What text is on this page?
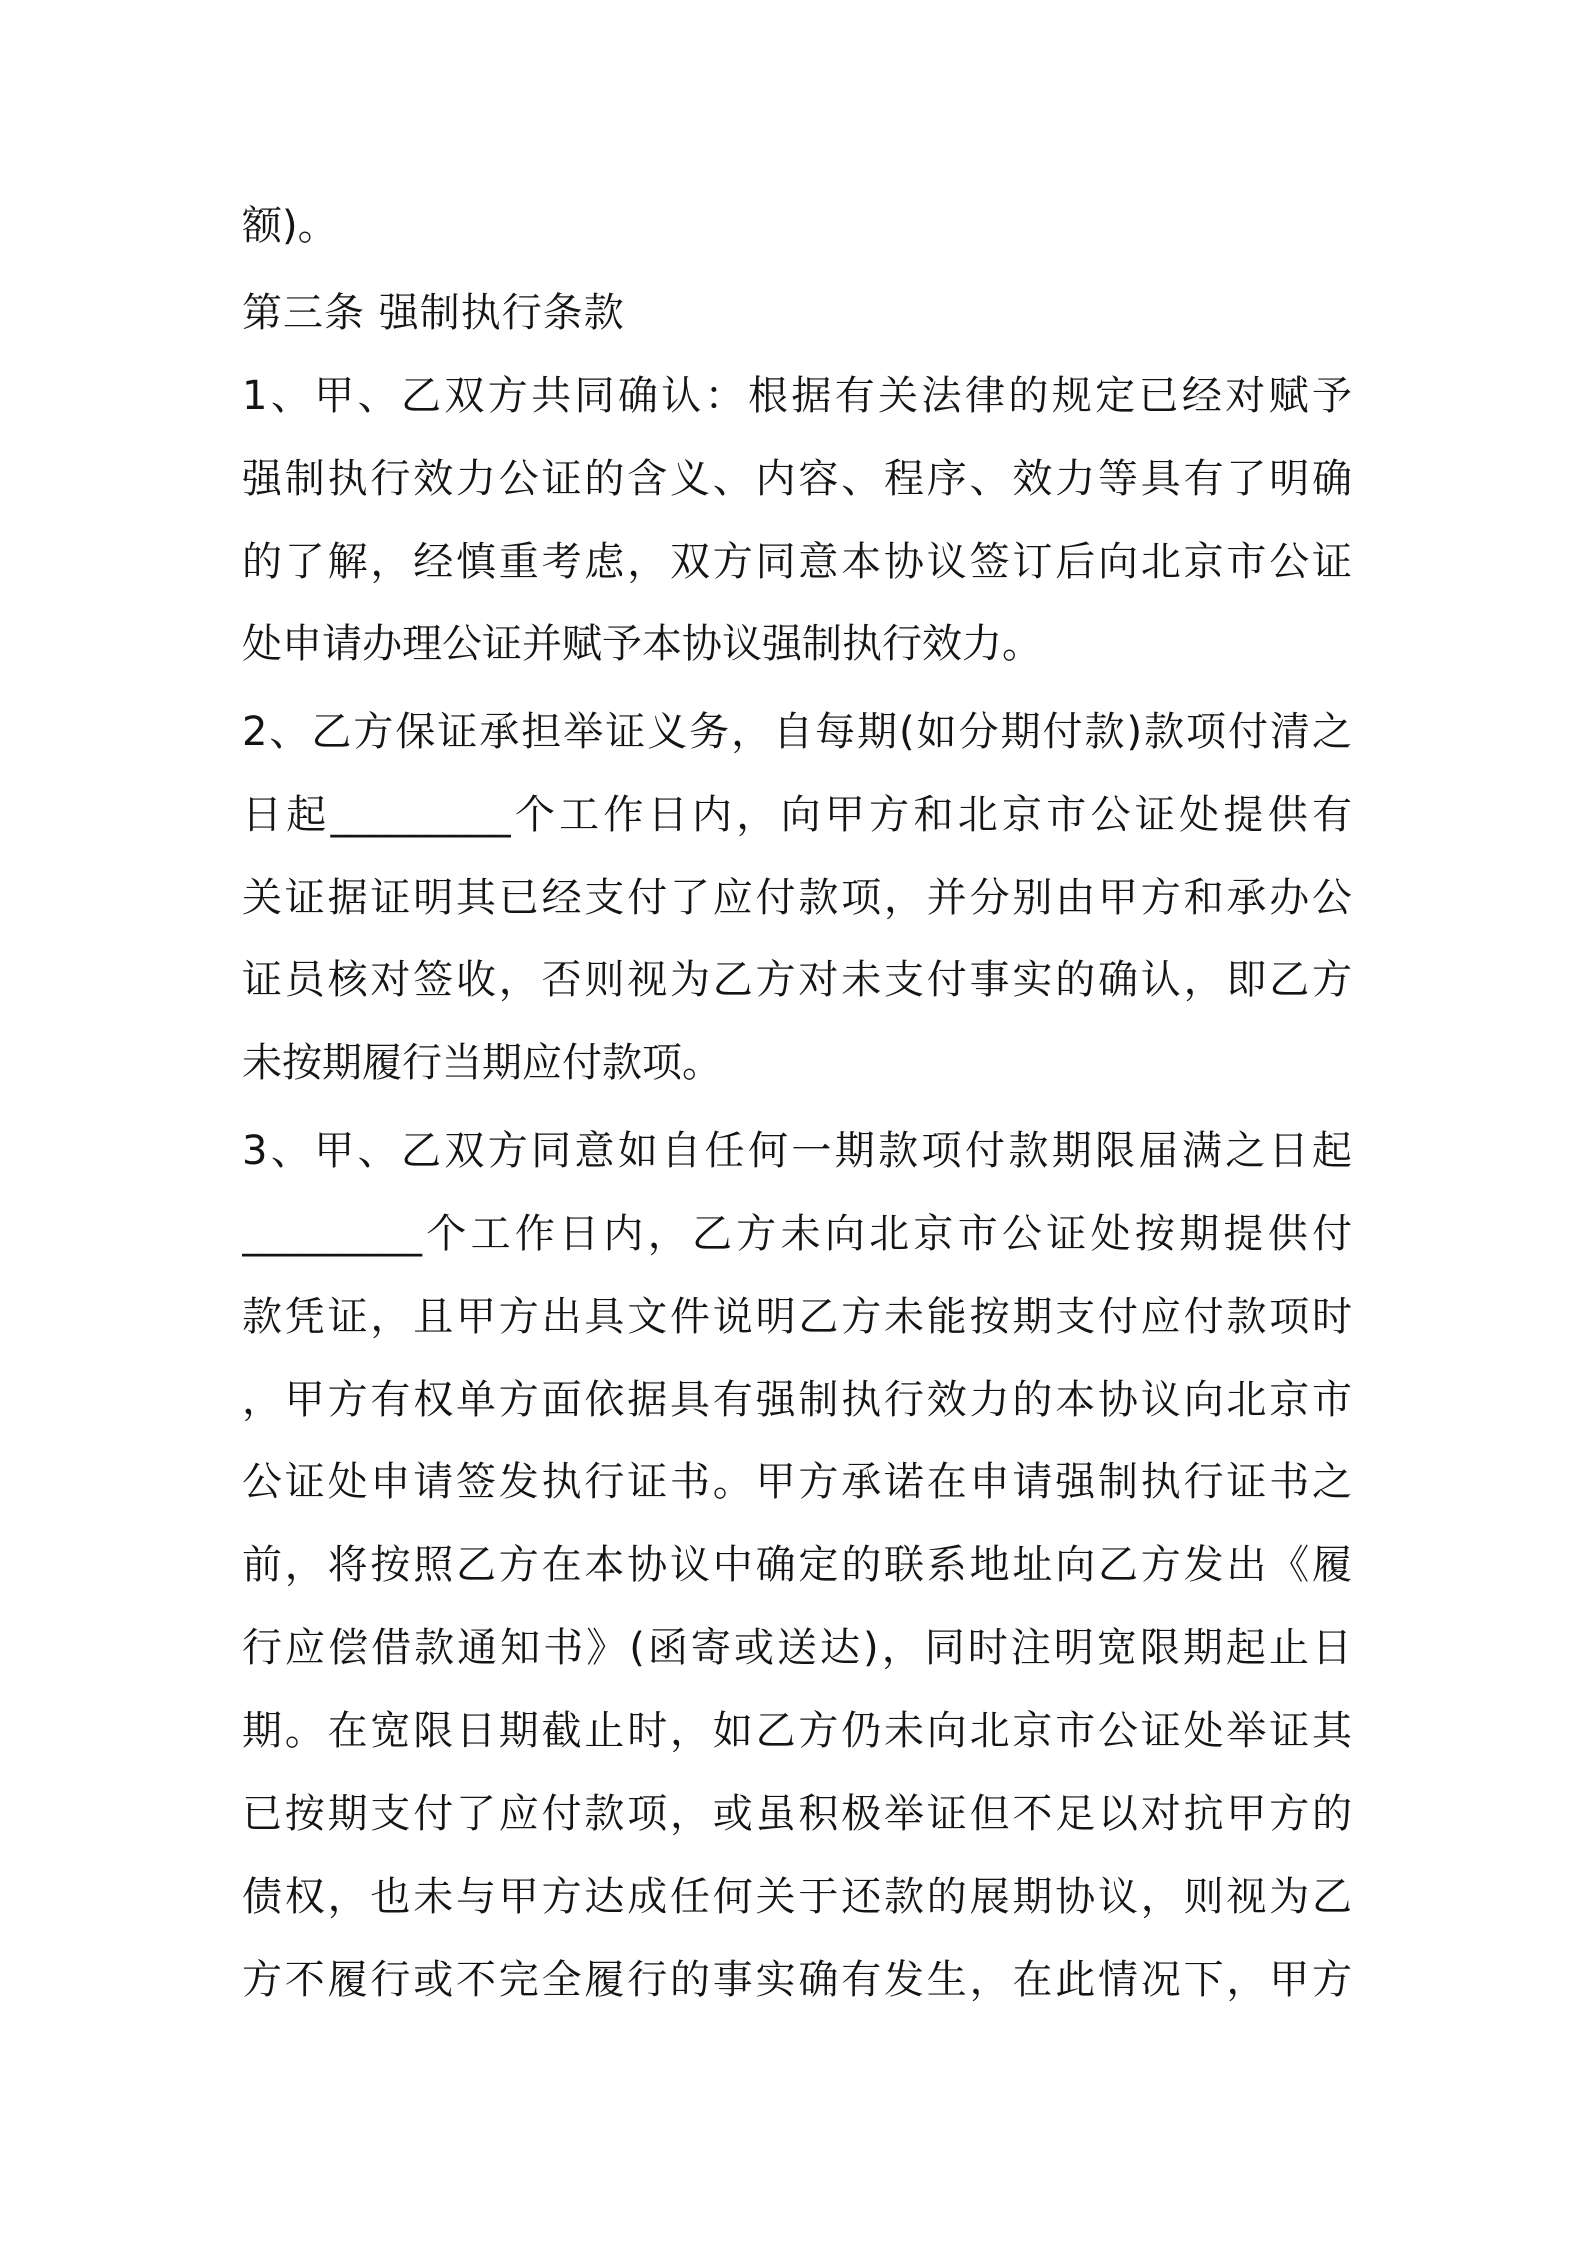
额)。
第三条 强制执行条款
1、甲、乙双方共同确认：根据有关法律的规定已经对赋予
强制执行效力公证的含义、内容、程序、效力等具有了明确
的了解，经慎重考虑，双方同意本协议签订后向北京市公证
处申请办理公证并赋予本协议强制执行效力。
2、乙方保证承担举证义务，自每期(如分期付款)款项付清之
日起_________个工作日内，向甲方和北京市公证处提供有
关证据证明其已经支付了应付款项，并分别由甲方和承办公
证员核对签收，否则视为乙方对未支付事实的确认，即乙方
未按期履行当期应付款项。
3、甲、乙双方同意如自任何一期款项付款期限届满之日起
_________个工作日内，乙方未向北京市公证处按期提供付
款凭证，且甲方出具文件说明乙方未能按期支付应付款项时
，甲方有权单方面依据具有强制执行效力的本协议向北京市
公证处申请签发执行证书。甲方承诺在申请强制执行证书之
前，将按照乙方在本协议中确定的联系地址向乙方发出《履
行应偿借款通知书》(函寄或送达)，同时注明宽限期起止日
期。在宽限日期截止时，如乙方仍未向北京市公证处举证其
已按期支付了应付款项，或虽积极举证但不足以对抗甲方的
债权，也未与甲方达成任何关于还款的展期协议，则视为乙
方不履行或不完全履行的事实确有发生，在此情况下，甲方
